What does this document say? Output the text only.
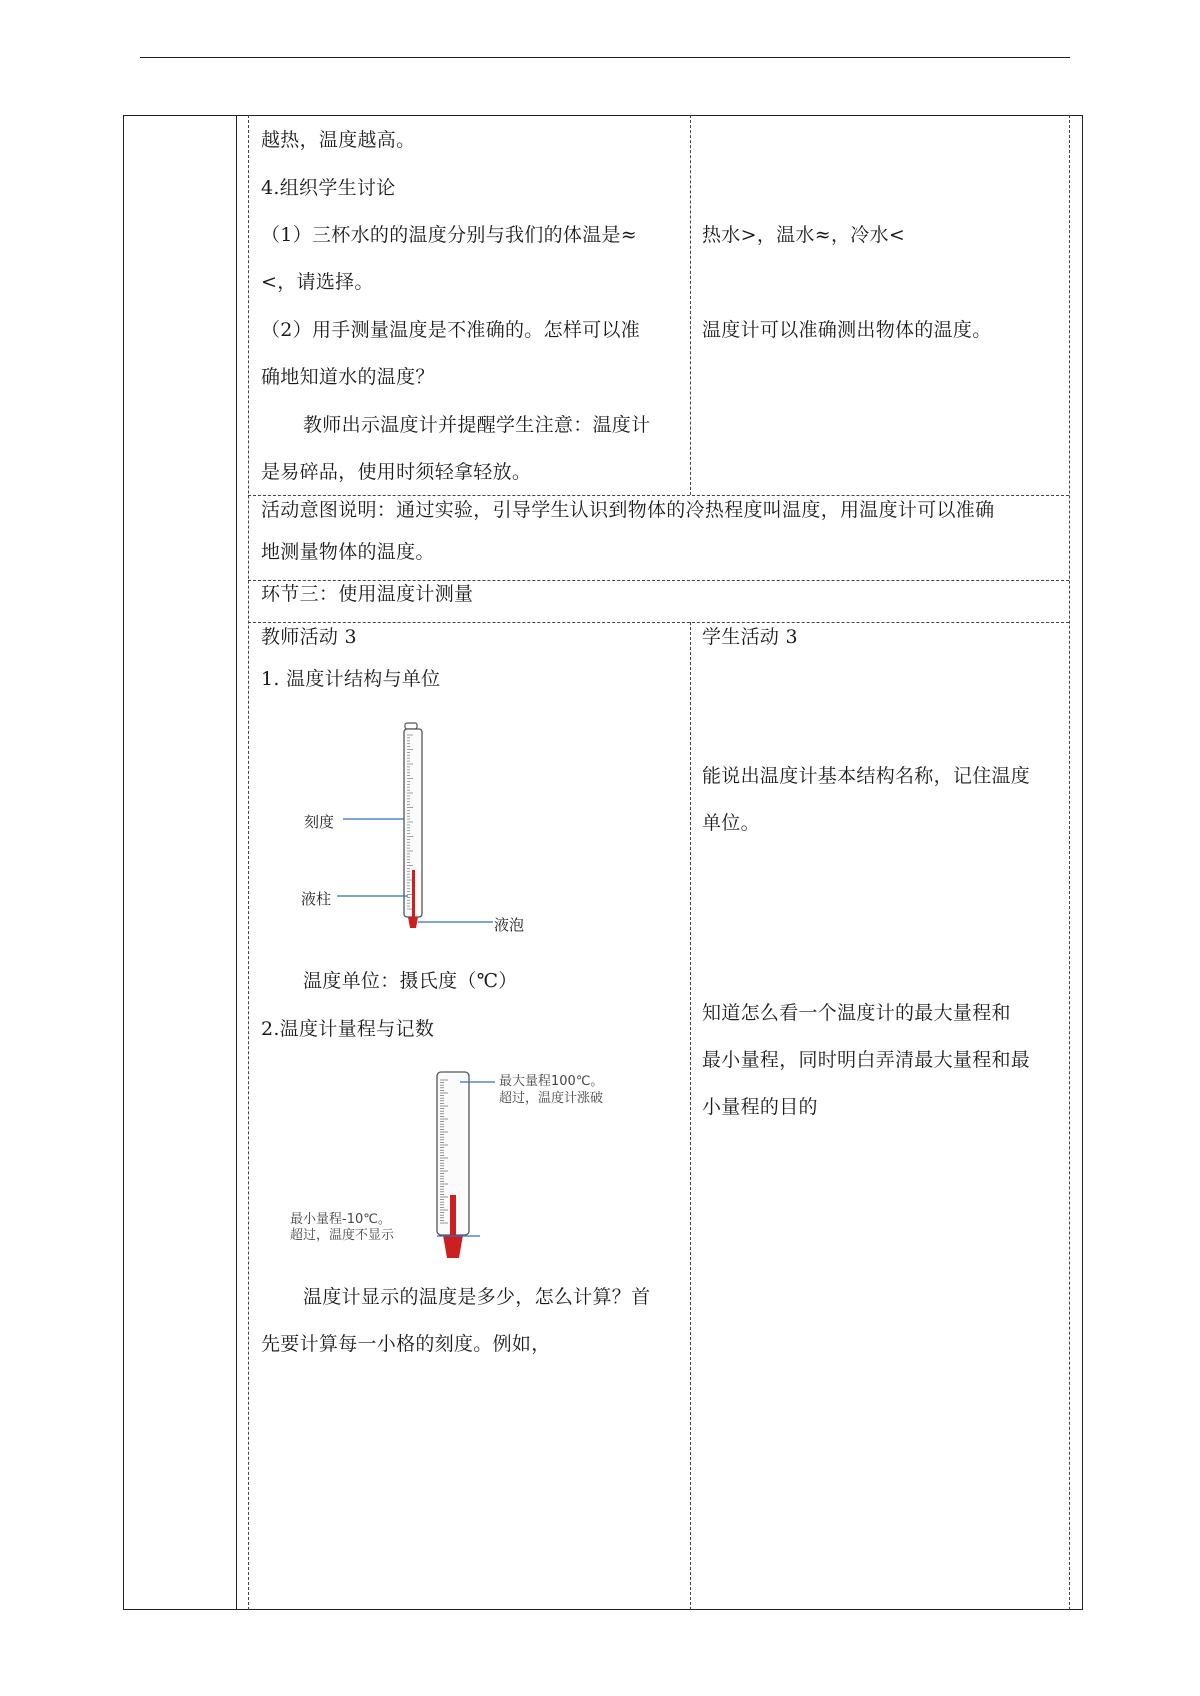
越热，温度越高。
4.组织学生讨论
（1）三杯水的的温度分别与我们的体温是≈
<，请选择。
（2）用手测量温度是不准确的。怎样可以准
确地知道水的温度？
教师出示温度计并提醒学生注意：温度计
是易碎品，使用时须轻拿轻放。
热水>，温水≈，冷水<
温度计可以准确测出物体的温度。
活动意图说明：通过实验，引导学生认识到物体的冷热程度叫温度，用温度计可以准确
地测量物体的温度。
环节三：使用温度计测量
教师活动 3	学生活动 3
1. 温度计结构与单位
刻度
液柱
液泡
温度单位：摄氏度（℃）
2.温度计量程与记数
最大量程100℃。
超过，温度计涨破
最小量程-10℃。
超过，温度不显示
温度计显示的温度是多少，怎么计算？首
先要计算每一小格的刻度。例如，
能说出温度计基本结构名称，记住温度
单位。
知道怎么看一个温度计的最大量程和
最小量程，同时明白弄清最大量程和最
小量程的目的
